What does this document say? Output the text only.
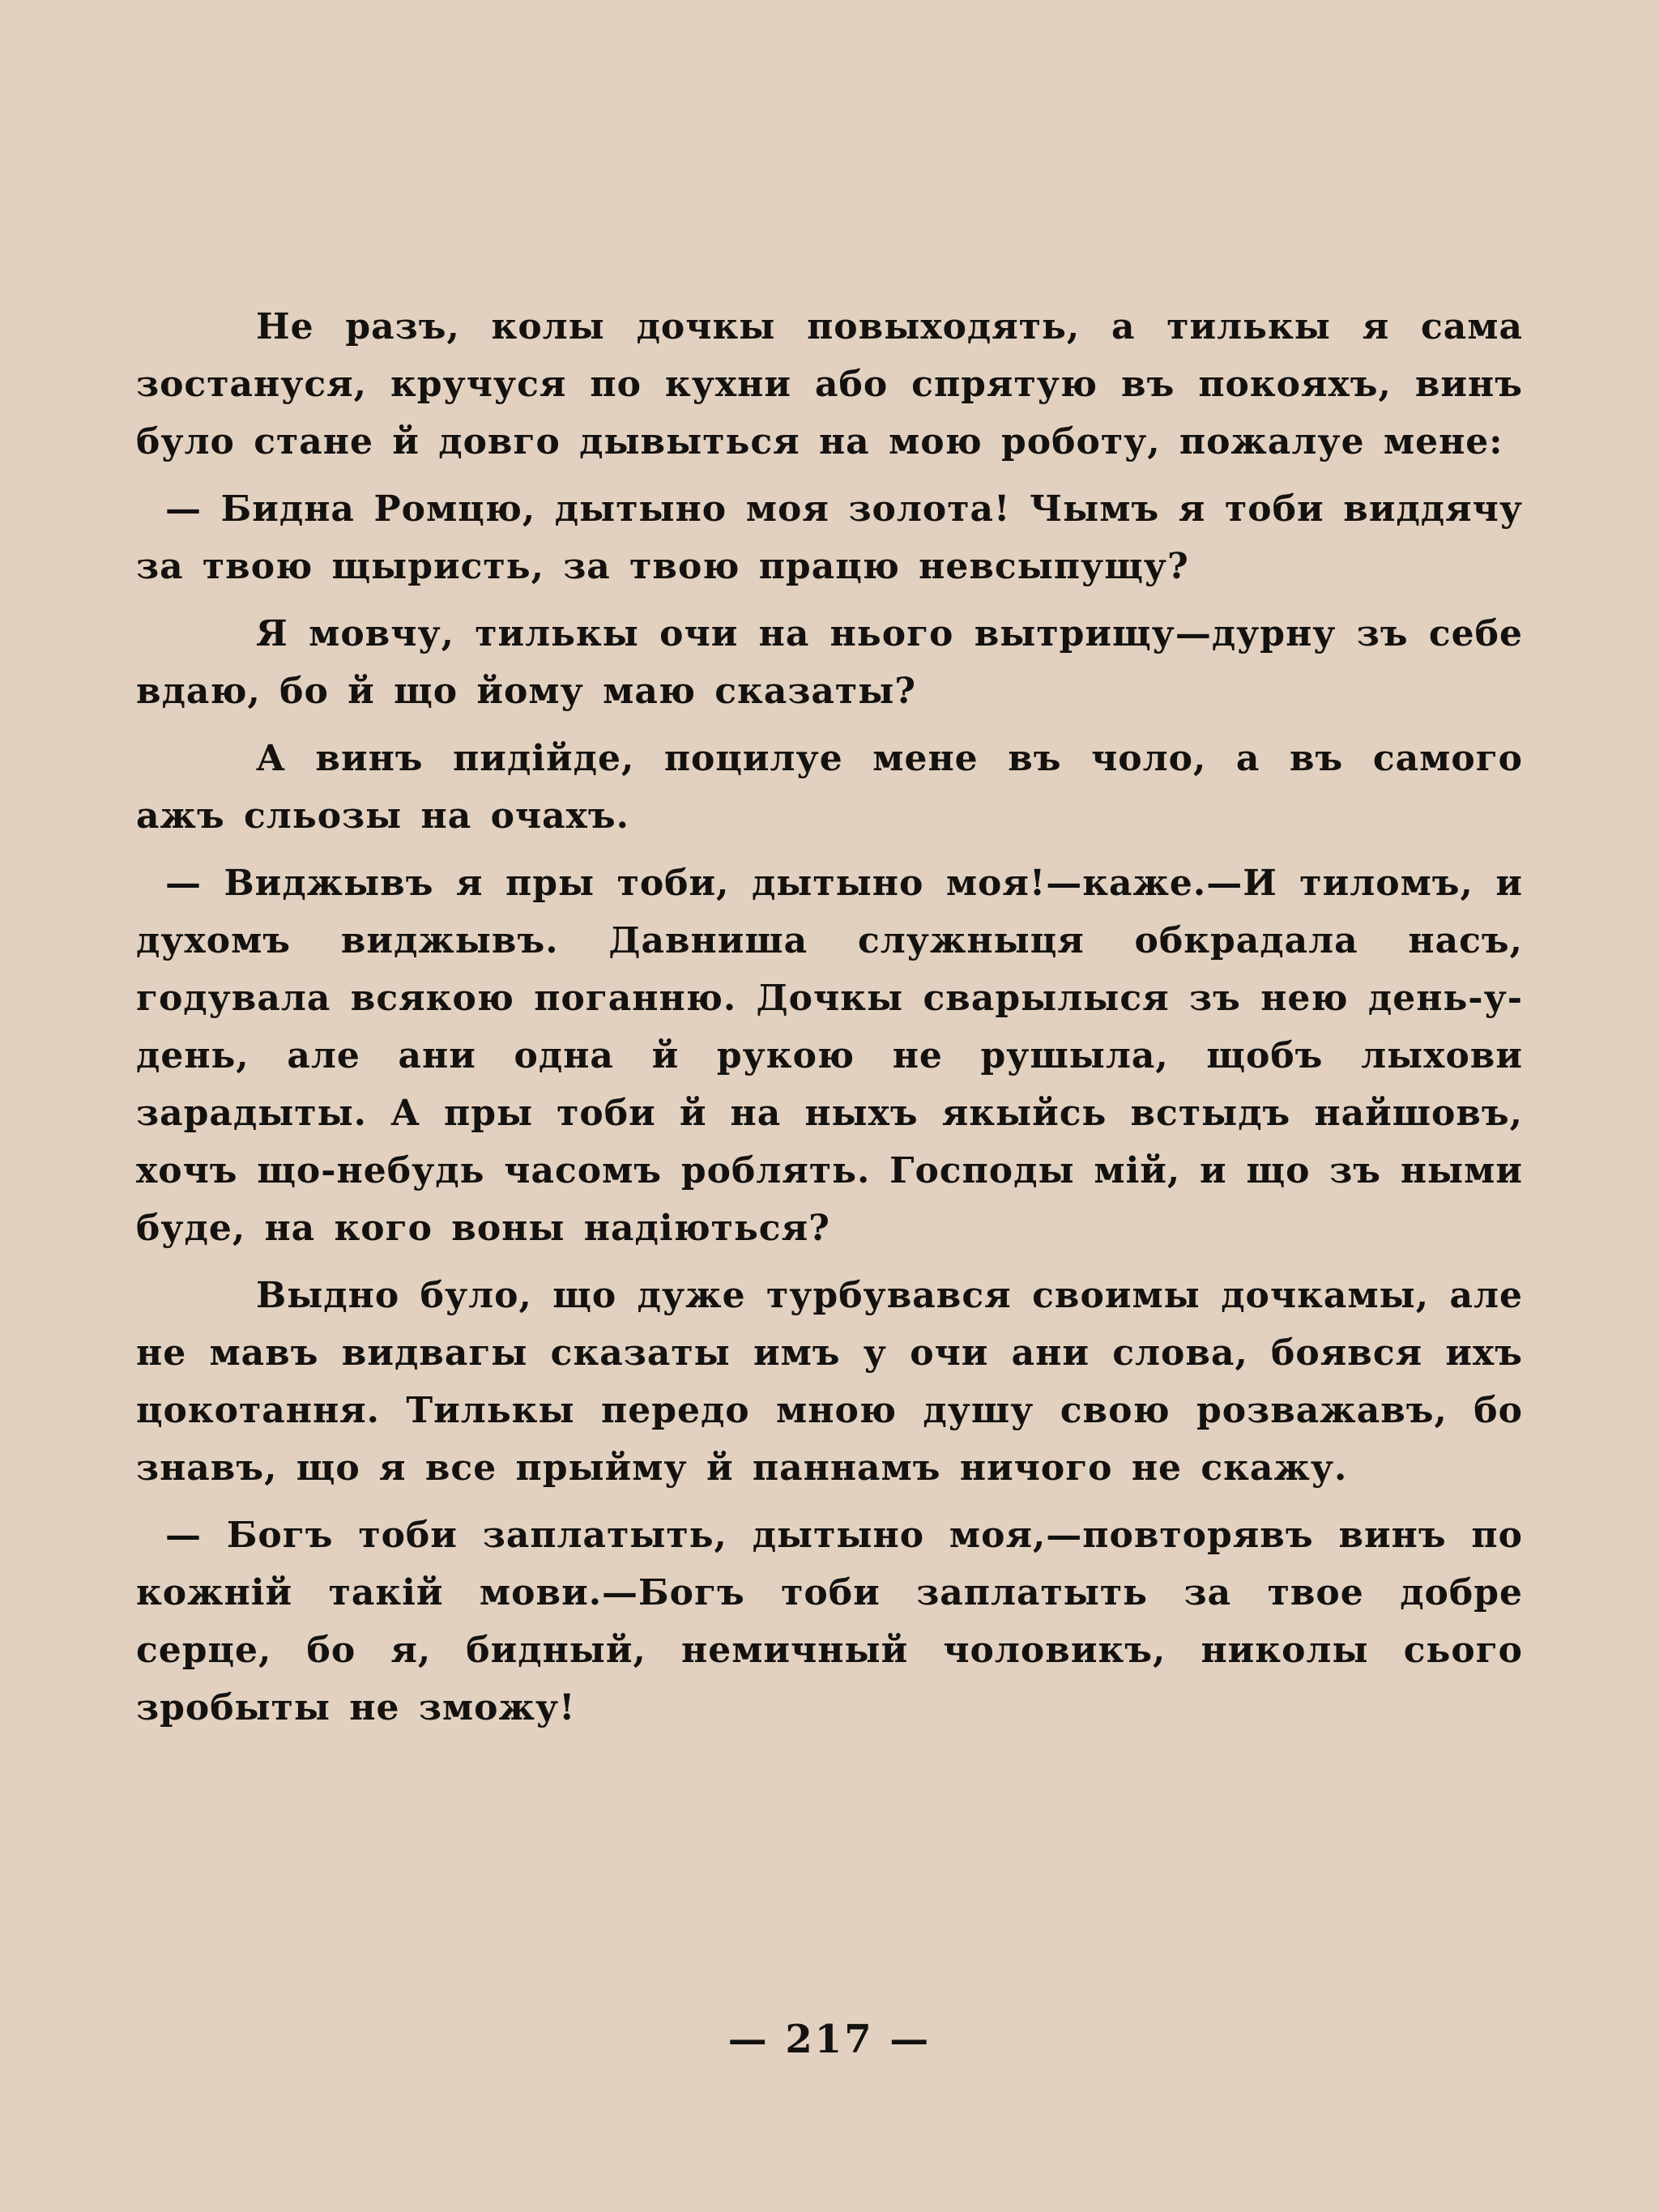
Не разъ, колы дочкы повыходять, а тилькы я сама зостануся, кручуся по кухни або спрятую въ покояхъ, винъ було стане й довго дывыться на мою роботу, пожалуе мене:

— Бидна Ромцю, дытыно моя золота! Чымъ я тоби виддячу за твою щыристь, за твою працю невсыпущу?

Я мовчу, тилькы очи на нього вытрищу—дурну зъ себе вдаю, бо й що йому маю сказаты?

А винъ пидійде, поцилуе мене въ чоло, а въ самого ажъ сльозы на очахъ.

— Виджывъ я пры тоби, дытыно моя!—каже.—И тиломъ, и духомъ виджывъ. Давниша служныця обкрадала насъ, годувала всякою поганню. Дочкы сварылыся зъ нею день-у-день, але ани одна й рукою не рушыла, щобъ лыхови зарадыты. А пры тоби й на ныхъ якыйсь встыдъ найшовъ, хочъ що-небудь часомъ роблять. Господы мій, и що зъ ными буде, на кого воны надіються?

Выдно було, що дуже турбувався своимы дочкамы, але не мавъ видвагы сказаты имъ у очи ани слова, боявся ихъ цокотання. Тилькы передо мною душу свою розважавъ, бо знавъ, що я все прыйму й паннамъ ничого не скажу.

— Богъ тоби заплатыть, дытыно моя,—повторявъ винъ по кожній такій мови.—Богъ тоби заплатыть за твое добре серце, бо я, бидный, немичный чоловикъ, николы сього зробыты не зможу!

— 217 —
